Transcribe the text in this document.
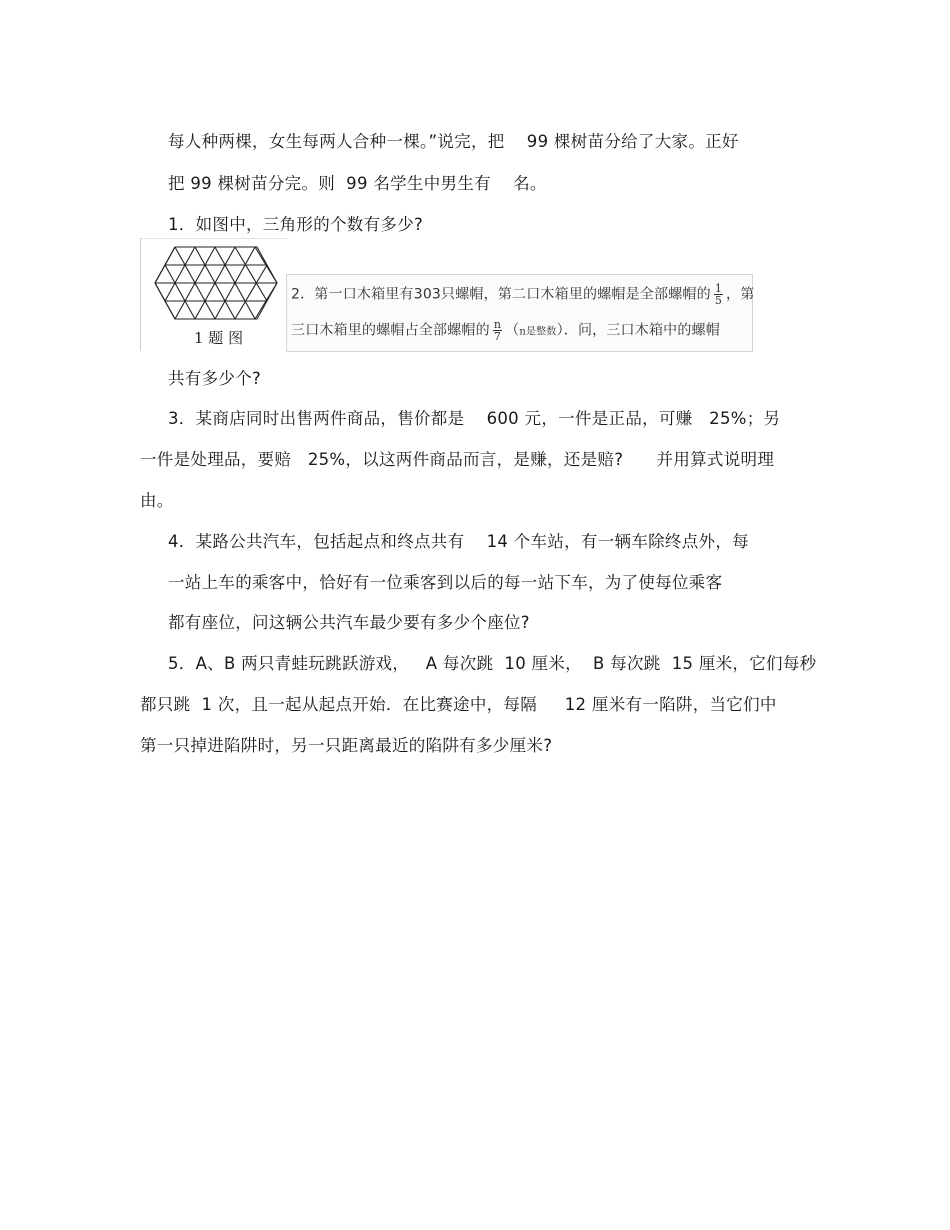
每人种两棵，女生每两人合种一棵。”说完，把    99 棵树苗分给了大家。正好
把 99 棵树苗分完。则  99 名学生中男生有    名。
1．如图中，三角形的个数有多少?
1 题 图
2．第一口木箱里有303只螺帽，第二口木箱里的螺帽是全部螺帽的 $\frac{1}{5}$ ，第
三口木箱里的螺帽占全部螺帽的 $\frac{n}{7} (n$是整数）．问，三口木箱中的螺帽
共有多少个?
3．某商店同时出售两件商品，售价都是    600 元，一件是正品，可赚   25%；另
一件是处理品，要赔   25%，以这两件商品而言，是赚，还是赔?      并用算式说明理
由。
4．某路公共汽车，包括起点和终点共有    14 个车站，有一辆车除终点外，每
一站上车的乘客中，恰好有一位乘客到以后的每一站下车，为了使每位乘客
都有座位，问这辆公共汽车最少要有多少个座位?
5．A、B 两只青蛙玩跳跃游戏，   A 每次跳  10 厘米，  B 每次跳  15 厘米，它们每秒
都只跳  1 次，且一起从起点开始．在比赛途中，每隔     12 厘米有一陷阱，当它们中
第一只掉进陷阱时，另一只距离最近的陷阱有多少厘米?
